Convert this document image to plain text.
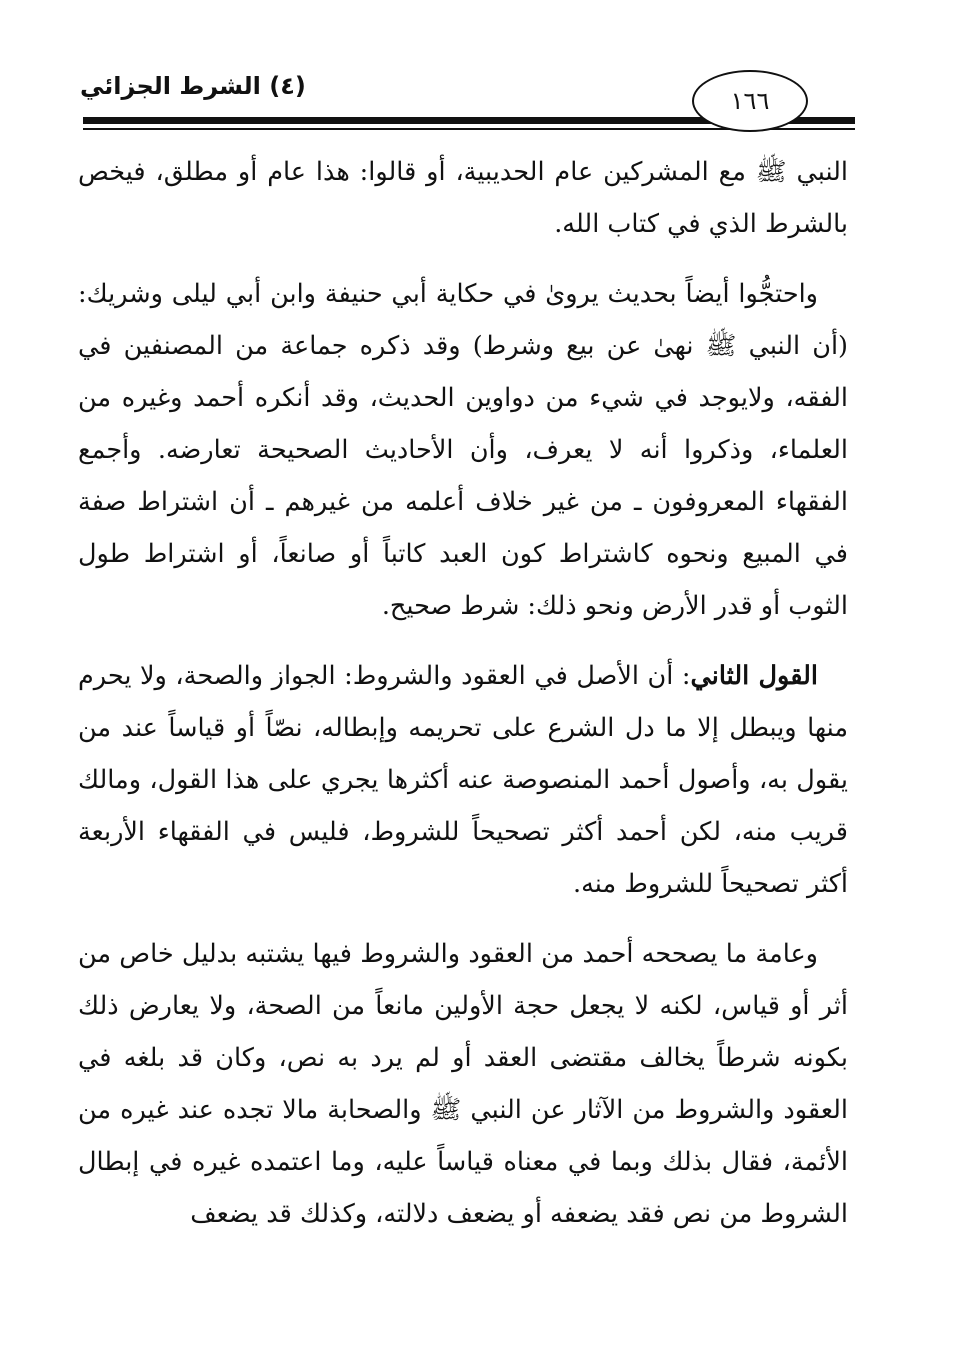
(٤) الشرط الجزائي
١٦٦

النبي ﷺ مع المشركين عام الحديبية، أو قالوا: هذا عام أو مطلق، فيخص بالشرط الذي في كتاب الله.

واحتجُّوا أيضاً بحديث يروىٰ في حكاية أبي حنيفة وابن أبي ليلى وشريك: (أن النبي ﷺ نهىٰ عن بيع وشرط) وقد ذكره جماعة من المصنفين في الفقه، ولايوجد في شيء من دواوين الحديث، وقد أنكره أحمد وغيره من العلماء، وذكروا أنه لا يعرف، وأن الأحاديث الصحيحة تعارضه. وأجمع الفقهاء المعروفون ـ من غير خلاف أعلمه من غيرهم ـ أن اشتراط صفة في المبيع ونحوه كاشتراط كون العبد كاتباً أو صانعاً، أو اشتراط طول الثوب أو قدر الأرض ونحو ذلك: شرط صحيح.

القول الثاني: أن الأصل في العقود والشروط: الجواز والصحة، ولا يحرم منها ويبطل إلا ما دل الشرع على تحريمه وإبطاله، نصّاً أو قياساً عند من يقول به، وأصول أحمد المنصوصة عنه أكثرها يجري على هذا القول، ومالك قريب منه، لكن أحمد أكثر تصحيحاً للشروط، فليس في الفقهاء الأربعة أكثر تصحيحاً للشروط منه.

وعامة ما يصححه أحمد من العقود والشروط فيها يشتبه بدليل خاص من أثر أو قياس، لكنه لا يجعل حجة الأولين مانعاً من الصحة، ولا يعارض ذلك بكونه شرطاً يخالف مقتضى العقد أو لم يرد به نص، وكان قد بلغه في العقود والشروط من الآثار عن النبي ﷺ والصحابة مالا تجده عند غيره من الأئمة، فقال بذلك وبما في معناه قياساً عليه، وما اعتمده غيره في إبطال الشروط من نص فقد يضعفه أو يضعف دلالته، وكذلك قد يضعف
